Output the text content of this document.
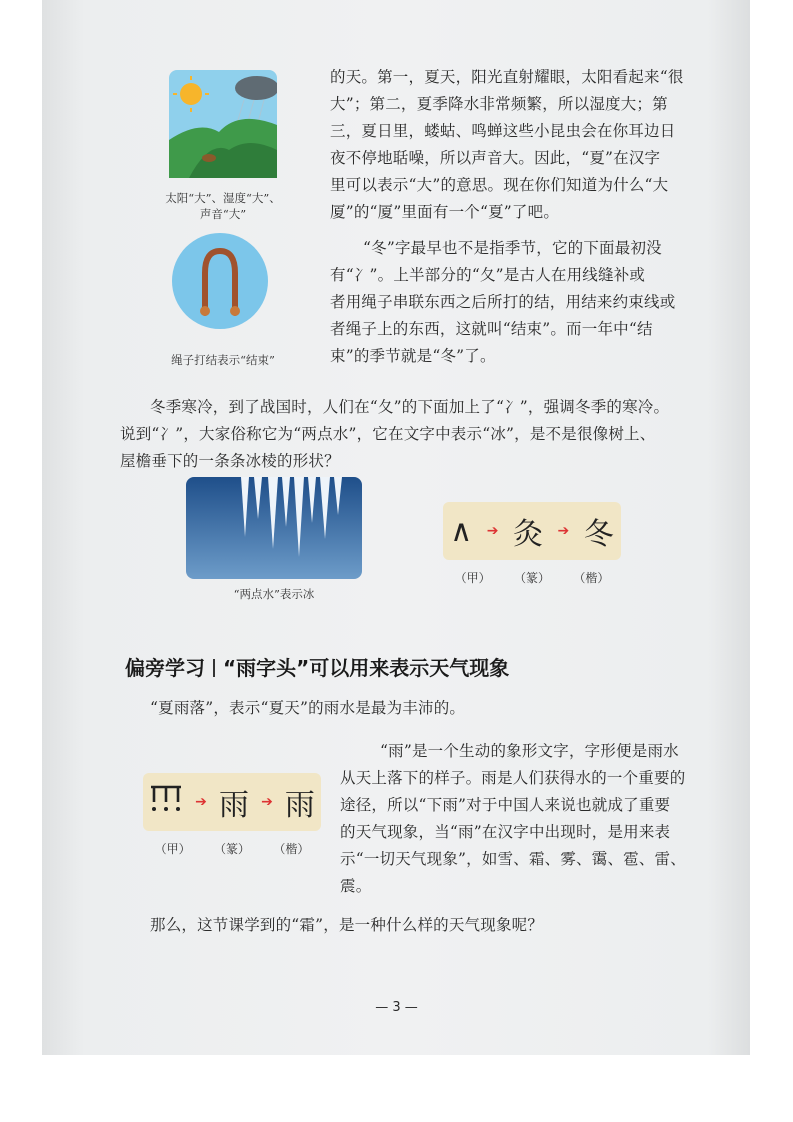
太阳“大”、湿度“大”、
声音“大”
绳子打结表示“结束”
的天。第一，夏天，阳光直射耀眼，太阳看起来“很
大”；第二，夏季降水非常频繁，所以湿度大；第
三，夏日里，蝼蛄、鸣蝉这些小昆虫会在你耳边日
夜不停地聒噪，所以声音大。因此，“夏”在汉字
里可以表示“大”的意思。现在你们知道为什么“大
厦”的“厦”里面有一个“夏”了吧。
“冬”字最早也不是指季节，它的下面最初没
有“冫”。上半部分的“夂”是古人在用线缝补或
者用绳子串联东西之后所打的结，用结来约束线或
者绳子上的东西，这就叫“结束”。而一年中“结
束”的季节就是“冬”了。
冬季寒冷，到了战国时，人们在“夂”的下面加上了“冫”，强调冬季的寒冷。
说到“冫”，大家俗称它为“两点水”，它在文字中表示“冰”，是不是很像树上、
屋檐垂下的一条条冰棱的形状？
“两点水”表示冰
∧ ➔ 灸 ➔ 冬
（甲） （篆） （楷）
偏旁学习 “雨字头”可以用来表示天气现象
“夏雨落”，表示“夏天”的雨水是最为丰沛的。
➔ 雨 ➔ 雨
（甲） （篆） （楷）
“雨”是一个生动的象形文字，字形便是雨水
从天上落下的样子。雨是人们获得水的一个重要的
途径，所以“下雨”对于中国人来说也就成了重要
的天气现象，当“雨”在汉字中出现时，是用来表
示“一切天气现象”，如雪、霜、雾、霭、雹、雷、
震。
那么，这节课学到的“霜”，是一种什么样的天气现象呢？
— 3 —
